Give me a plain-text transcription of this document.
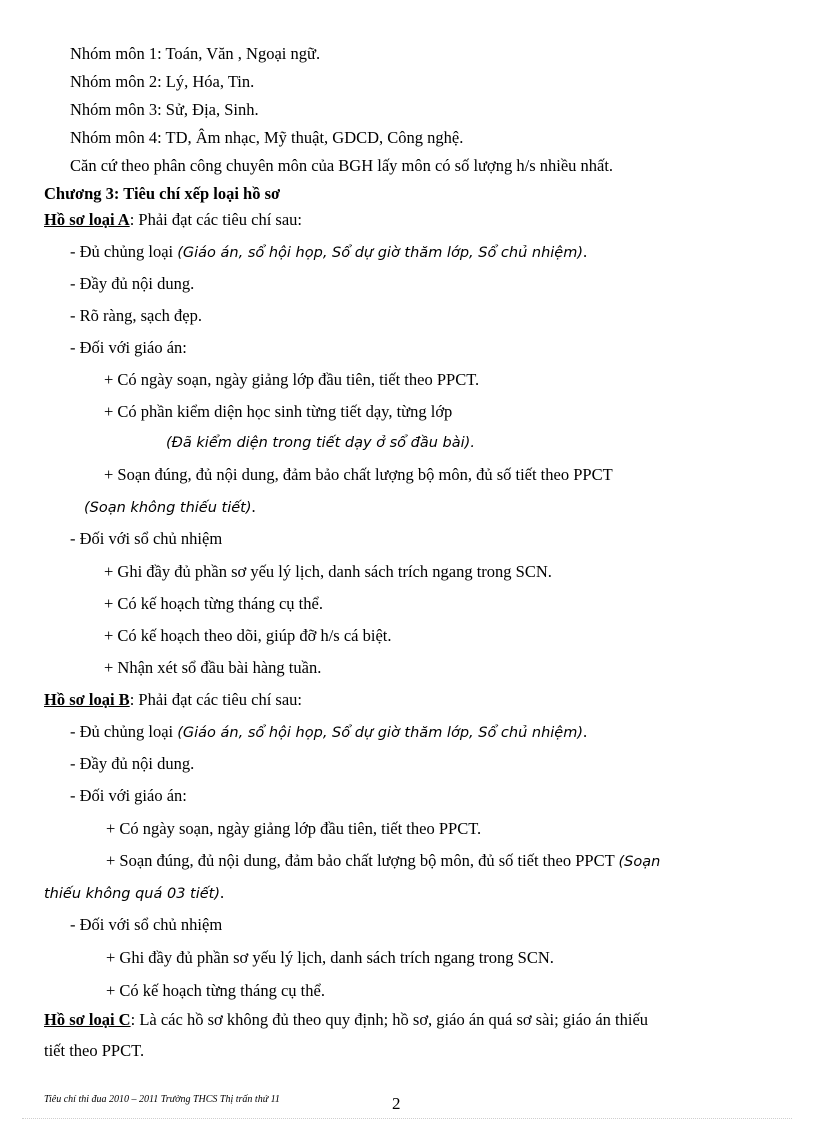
Nhóm môn 1: Toán, Văn , Ngoại ngữ.
Nhóm môn 2: Lý, Hóa, Tin.
Nhóm môn 3: Sử, Địa, Sinh.
Nhóm môn 4: TD, Âm nhạc, Mỹ thuật, GDCD, Công nghệ.
Căn cứ theo phân công chuyên môn của BGH lấy môn có số lượng h/s nhiều nhất.
Chương 3: Tiêu chí xếp loại hồ sơ
Hồ sơ loại A: Phải đạt các tiêu chí sau:
- Đủ chủng loại (Giáo án, sổ hội họp, Sổ dự giờ thăm lớp, Sổ chủ nhiệm).
- Đầy đủ nội dung.
- Rõ ràng, sạch đẹp.
- Đối với giáo án:
+ Có ngày soạn, ngày giảng lớp đầu tiên, tiết theo PPCT.
+ Có phần kiểm diện học sinh từng tiết dạy, từng lớp
(Đã kiểm diện trong tiết dạy ở sổ đầu bài).
+ Soạn đúng, đủ nội dung, đảm bảo chất lượng bộ môn, đủ số tiết theo PPCT
(Soạn không thiếu tiết).
- Đối với sổ chủ nhiệm
+ Ghi đầy đủ phần sơ yếu lý lịch, danh sách trích ngang trong SCN.
+ Có kế hoạch từng tháng cụ thể.
+ Có kế hoạch theo dõi, giúp đỡ h/s cá biệt.
+ Nhận xét sổ đầu bài hàng tuần.
Hồ sơ loại B: Phải đạt các tiêu chí sau:
- Đủ chủng loại (Giáo án, sổ hội họp, Sổ dự giờ thăm lớp, Sổ chủ nhiệm).
- Đầy đủ nội dung.
- Đối với giáo án:
+ Có ngày soạn, ngày giảng lớp đầu tiên, tiết theo PPCT.
+ Soạn đúng, đủ nội dung, đảm bảo chất lượng bộ môn, đủ số tiết theo PPCT (Soạn
thiếu không quá 03 tiết).
- Đối với sổ chủ nhiệm
+ Ghi đầy đủ phần sơ yếu lý lịch, danh sách trích ngang trong SCN.
+ Có kế hoạch từng tháng cụ thể.
Hồ sơ loại C: Là các hồ sơ không đủ theo quy định; hồ sơ, giáo án quá sơ sài; giáo án thiếu
tiết theo PPCT.
Tiêu chí thi đua 2010 – 2011 Trường THCS Thị trấn thứ 11	2
